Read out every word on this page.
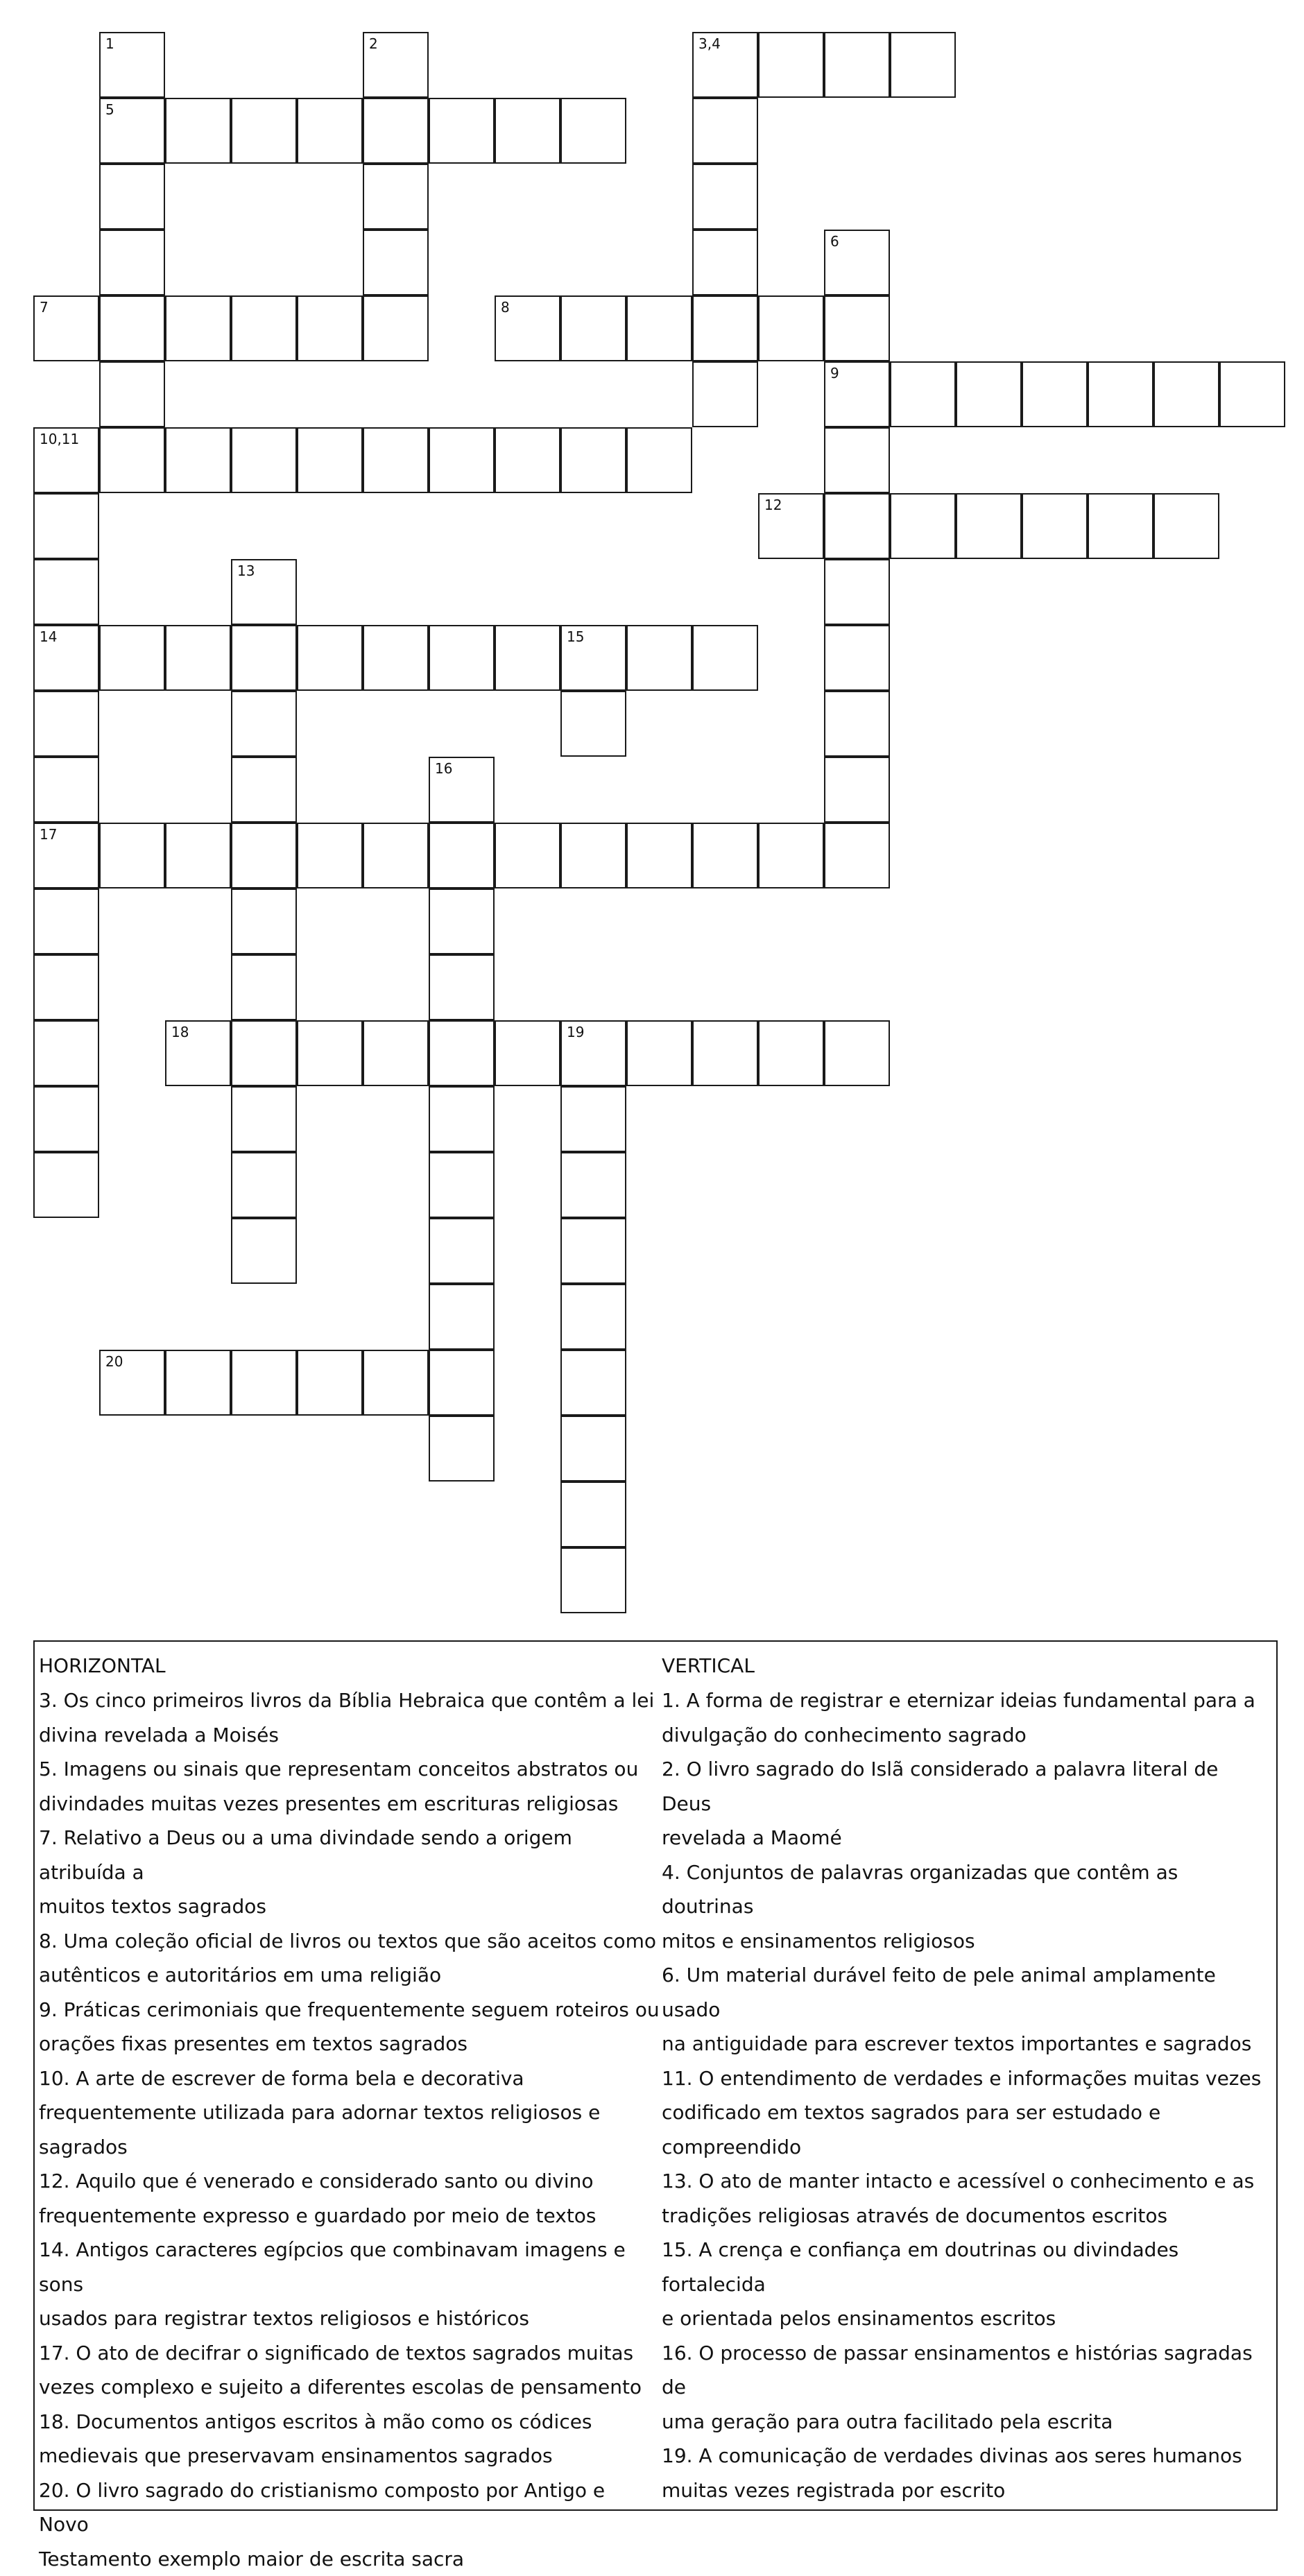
1	2	3,4
5
6
7	8
9
10,11
12
13
14	15
16
17
18	19
20
HORIZONTAL
3. Os cinco primeiros livros da Bíblia Hebraica que contêm a lei
divina revelada a Moisés
5. Imagens ou sinais que representam conceitos abstratos ou
divindades muitas vezes presentes em escrituras religiosas
7. Relativo a Deus ou a uma divindade sendo a origem atribuída a
muitos textos sagrados
8. Uma coleção oficial de livros ou textos que são aceitos como
autênticos e autoritários em uma religião
9. Práticas cerimoniais que frequentemente seguem roteiros ou
orações fixas presentes em textos sagrados
10. A arte de escrever de forma bela e decorativa
frequentemente utilizada para adornar textos religiosos e
sagrados
12. Aquilo que é venerado e considerado santo ou divino
frequentemente expresso e guardado por meio de textos
14. Antigos caracteres egípcios que combinavam imagens e sons
usados para registrar textos religiosos e históricos
17. O ato de decifrar o significado de textos sagrados muitas
vezes complexo e sujeito a diferentes escolas de pensamento
18. Documentos antigos escritos à mão como os códices
medievais que preservavam ensinamentos sagrados
20. O livro sagrado do cristianismo composto por Antigo e Novo
Testamento exemplo maior de escrita sacra
VERTICAL
1. A forma de registrar e eternizar ideias fundamental para a
divulgação do conhecimento sagrado
2. O livro sagrado do Islã considerado a palavra literal de Deus
revelada a Maomé
4. Conjuntos de palavras organizadas que contêm as doutrinas
mitos e ensinamentos religiosos
6. Um material durável feito de pele animal amplamente usado
na antiguidade para escrever textos importantes e sagrados
11. O entendimento de verdades e informações muitas vezes
codificado em textos sagrados para ser estudado e
compreendido
13. O ato de manter intacto e acessível o conhecimento e as
tradições religiosas através de documentos escritos
15. A crença e confiança em doutrinas ou divindades fortalecida
e orientada pelos ensinamentos escritos
16. O processo de passar ensinamentos e histórias sagradas de
uma geração para outra facilitado pela escrita
19. A comunicação de verdades divinas aos seres humanos
muitas vezes registrada por escrito
